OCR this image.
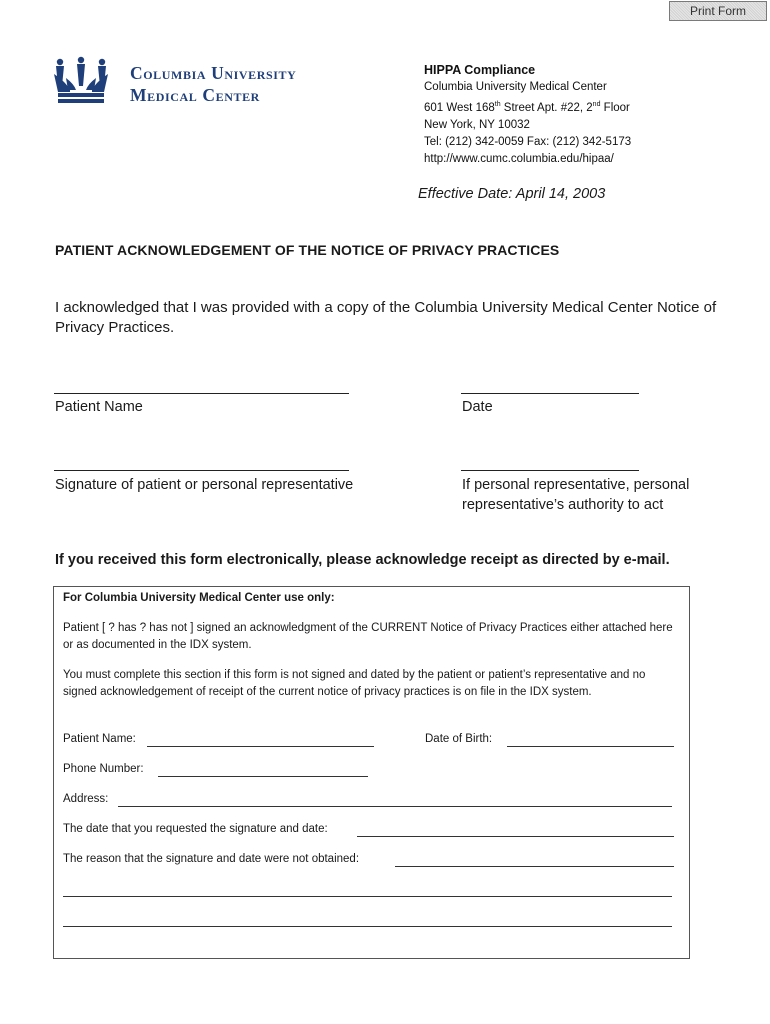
Print Form
Columbia University
Medical Center
HIPPA Compliance
Columbia University Medical Center
601 West 168th Street Apt. #22, 2nd Floor
New York, NY 10032
Tel: (212) 342-0059 Fax: (212) 342-5173
http://www.cumc.columbia.edu/hipaa/
Effective Date: April 14, 2003
PATIENT ACKNOWLEDGEMENT OF THE NOTICE OF PRIVACY PRACTICES
I acknowledged that I was provided with a copy of the Columbia University Medical Center Notice of Privacy Practices.
Patient Name	Date
Signature of patient or personal representative	If personal representative, personal
representative’s authority to act
If you received this form electronically, please acknowledge receipt as directed by e-mail.
For Columbia University Medical Center use only:
Patient [ ? has ? has not ] signed an acknowledgment of the CURRENT Notice of Privacy Practices either attached here or as documented in the IDX system.
You must complete this section if this form is not signed and dated by the patient or patient’s representative and no signed acknowledgement of receipt of the current notice of privacy practices is on file in the IDX system.
Patient Name:	Date of Birth:
Phone Number:
Address:
The date that you requested the signature and date:
The reason that the signature and date were not obtained:
